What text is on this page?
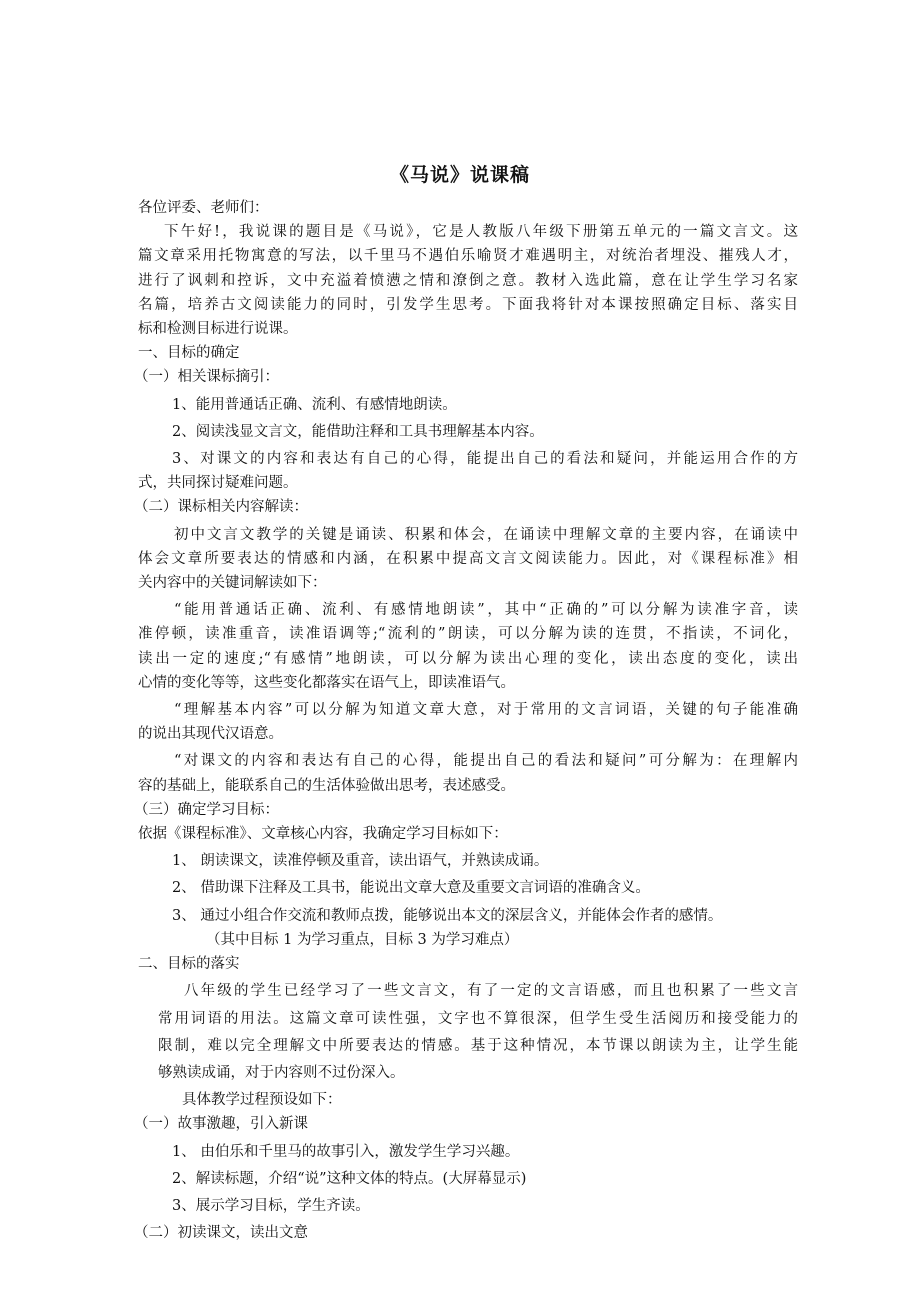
《马说》说课稿
各位评委、老师们：
下午好!，我说课的题目是《马说》，它是人教版八年级下册第五单元的一篇文言文。这
篇文章采用托物寓意的写法，以千里马不遇伯乐喻贤才难遇明主，对统治者埋没、摧残人才，
进行了讽刺和控诉，文中充溢着愤懑之情和潦倒之意。教材入选此篇，意在让学生学习名家
名篇，培养古文阅读能力的同时，引发学生思考。下面我将针对本课按照确定目标、落实目
标和检测目标进行说课。
一、目标的确定
（一）相关课标摘引：
1、能用普通话正确、流利、有感情地朗读。
2、阅读浅显文言文，能借助注释和工具书理解基本内容。
3、对课文的内容和表达有自己的心得，能提出自己的看法和疑问，并能运用合作的方
式，共同探讨疑难问题。
（二）课标相关内容解读：
初中文言文教学的关键是诵读、积累和体会，在诵读中理解文章的主要内容，在诵读中
体会文章所要表达的情感和内涵，在积累中提高文言文阅读能力。因此，对《课程标准》相
关内容中的关键词解读如下：
“能用普通话正确、流利、有感情地朗读”，其中“正确的”可以分解为读准字音，读
准停顿，读准重音，读准语调等;“流利的”朗读，可以分解为读的连贯，不指读，不词化，
读出一定的速度;“有感情”地朗读，可以分解为读出心理的变化，读出态度的变化，读出
心情的变化等等，这些变化都落实在语气上，即读准语气。
“理解基本内容”可以分解为知道文章大意，对于常用的文言词语，关键的句子能准确
的说出其现代汉语意。
“对课文的内容和表达有自己的心得，能提出自己的看法和疑问”可分解为：在理解内
容的基础上，能联系自己的生活体验做出思考，表述感受。
（三）确定学习目标：
依据《课程标准》、文章核心内容，我确定学习目标如下：
1、 朗读课文，读准停顿及重音，读出语气，并熟读成诵。
2、 借助课下注释及工具书，能说出文章大意及重要文言词语的准确含义。
3、 通过小组合作交流和教师点拨，能够说出本文的深层含义，并能体会作者的感情。
（其中目标 1 为学习重点，目标 3 为学习难点）
二、目标的落实
八年级的学生已经学习了一些文言文，有了一定的文言语感，而且也积累了一些文言
常用词语的用法。这篇文章可读性强，文字也不算很深，但学生受生活阅历和接受能力的
限制，难以完全理解文中所要表达的情感。基于这种情况，本节课以朗读为主，让学生能
够熟读成诵，对于内容则不过份深入。
具体教学过程预设如下：
（一）故事激趣，引入新课
1、 由伯乐和千里马的故事引入，激发学生学习兴趣。
2、解读标题，介绍“说”这种文体的特点。(大屏幕显示)
3、展示学习目标，学生齐读。
（二）初读课文，读出文意
